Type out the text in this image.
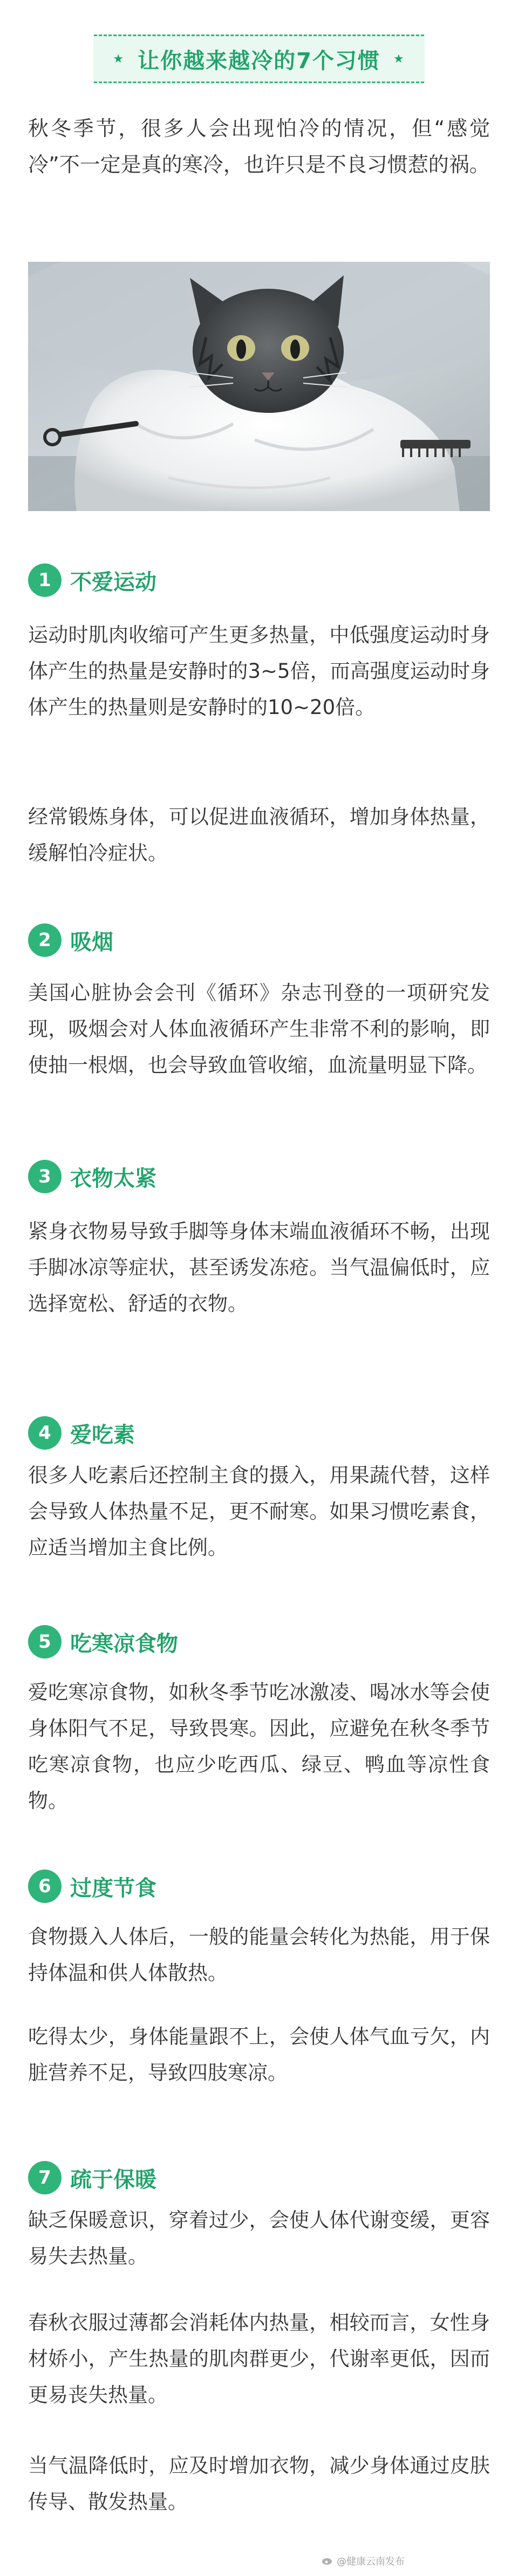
★ 让你越来越冷的7个习惯 ★
秋冬季节，很多人会出现怕冷的情况，但“感觉冷”不一定是真的寒冷，也许只是不良习惯惹的祸。
1 不爱运动
运动时肌肉收缩可产生更多热量，中低强度运动时身体产生的热量是安静时的3~5倍，而高强度运动时身体产生的热量则是安静时的10~20倍。
经常锻炼身体，可以促进血液循环，增加身体热量，缓解怕冷症状。
2 吸烟
美国心脏协会会刊《循环》杂志刊登的一项研究发现，吸烟会对人体血液循环产生非常不利的影响，即使抽一根烟，也会导致血管收缩，血流量明显下降。
3 衣物太紧
紧身衣物易导致手脚等身体末端血液循环不畅，出现手脚冰凉等症状，甚至诱发冻疮。当气温偏低时，应选择宽松、舒适的衣物。
4 爱吃素
很多人吃素后还控制主食的摄入，用果蔬代替，这样会导致人体热量不足，更不耐寒。如果习惯吃素食，应适当增加主食比例。
5 吃寒凉食物
爱吃寒凉食物，如秋冬季节吃冰激凌、喝冰水等会使身体阳气不足，导致畏寒。因此，应避免在秋冬季节吃寒凉食物，也应少吃西瓜、绿豆、鸭血等凉性食物。
6 过度节食
食物摄入人体后，一般的能量会转化为热能，用于保持体温和供人体散热。
吃得太少，身体能量跟不上，会使人体气血亏欠，内脏营养不足，导致四肢寒凉。
7 疏于保暖
缺乏保暖意识，穿着过少，会使人体代谢变缓，更容易失去热量。
春秋衣服过薄都会消耗体内热量，相较而言，女性身材娇小，产生热量的肌肉群更少，代谢率更低，因而更易丧失热量。
当气温降低时，应及时增加衣物，减少身体通过皮肤传导、散发热量。
@健康云南发布
